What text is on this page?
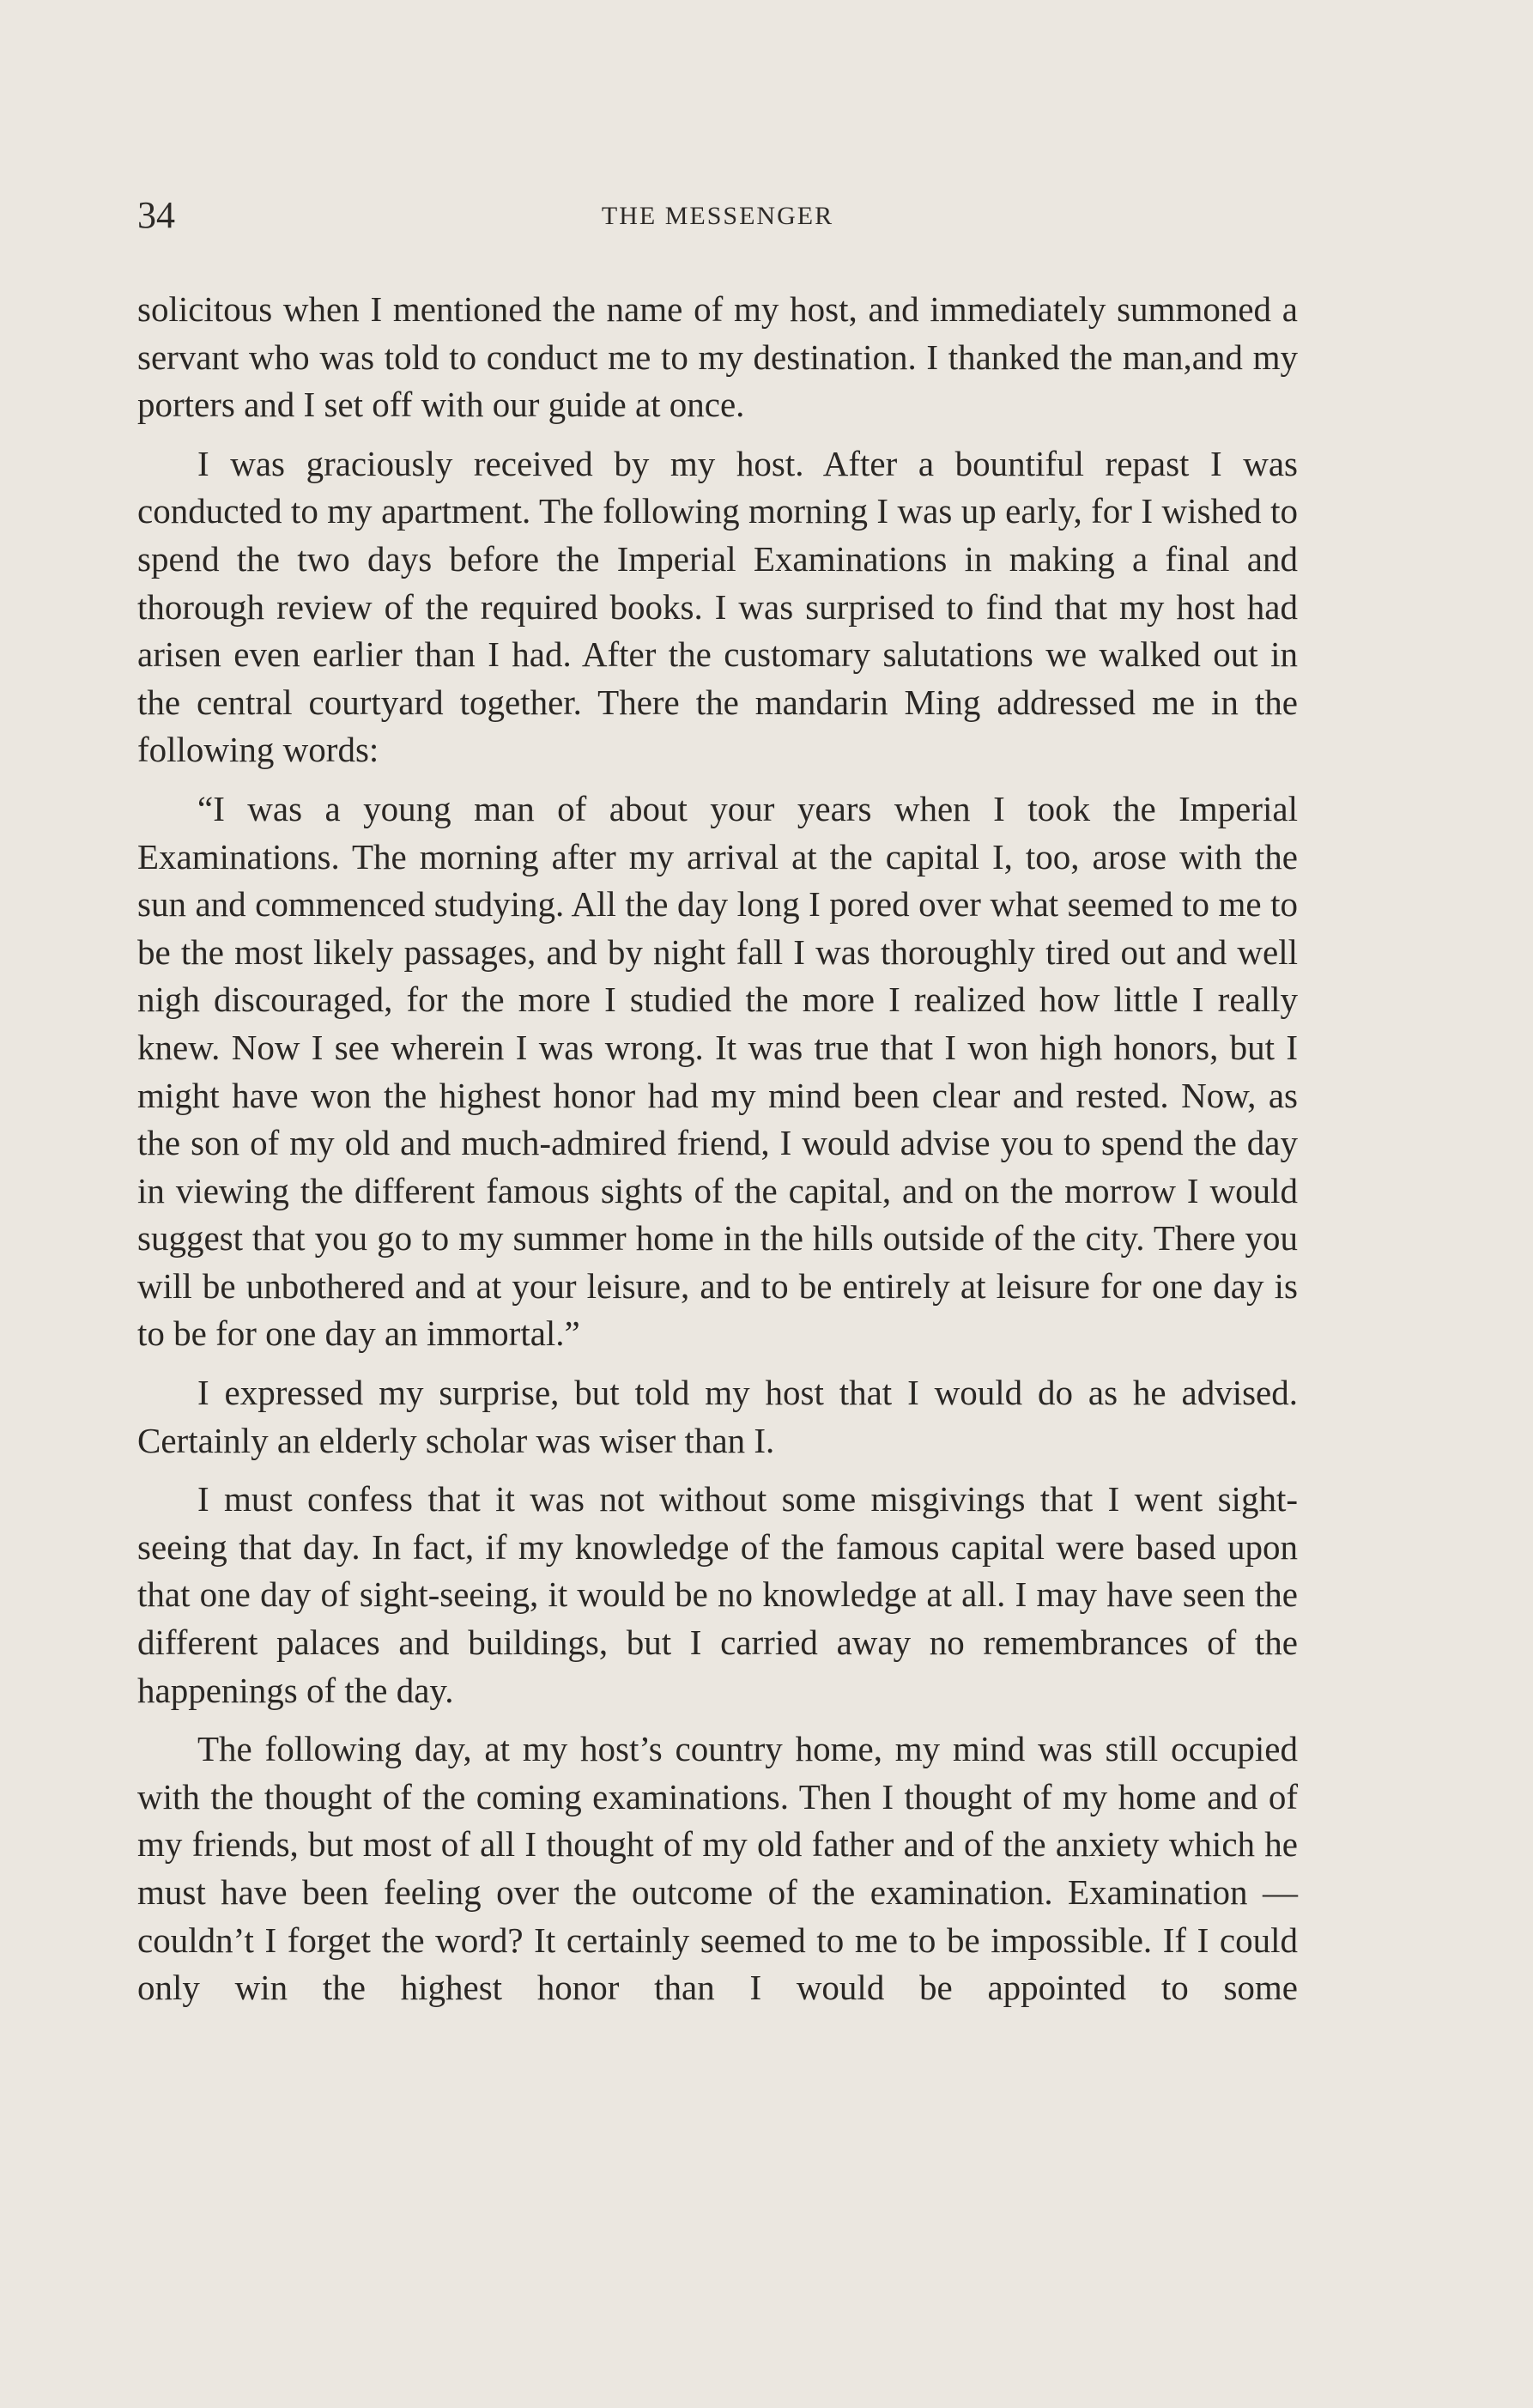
34	THE MESSENGER

solicitous when I mentioned the name of my host, and immediately summoned a servant who was told to conduct me to my destination. I thanked the man,and my porters and I set off with our guide at once.

I was graciously received by my host. After a bountiful repast I was conducted to my apartment. The following morning I was up early, for I wished to spend the two days before the Imperial Examinations in making a final and thorough review of the required books. I was surprised to find that my host had arisen even earlier than I had. After the customary salutations we walked out in the central courtyard together. There the mandarin Ming addressed me in the following words:

“I was a young man of about your years when I took the Imperial Examinations. The morning after my arrival at the capital I, too, arose with the sun and commenced studying. All the day long I pored over what seemed to me to be the most likely passages, and by night fall I was thoroughly tired out and well nigh discouraged, for the more I studied the more I realized how little I really knew. Now I see wherein I was wrong. It was true that I won high honors, but I might have won the highest honor had my mind been clear and rested. Now, as the son of my old and much-admired friend, I would advise you to spend the day in viewing the different famous sights of the capital, and on the morrow I would suggest that you go to my summer home in the hills outside of the city. There you will be unbothered and at your leisure, and to be entirely at leisure for one day is to be for one day an immortal.”

I expressed my surprise, but told my host that I would do as he advised. Certainly an elderly scholar was wiser than I.

I must confess that it was not without some misgivings that I went sight-seeing that day. In fact, if my knowledge of the famous capital were based upon that one day of sight-seeing, it would be no knowledge at all. I may have seen the different palaces and buildings, but I carried away no remembrances of the happenings of the day.

The following day, at my host’s country home, my mind was still occupied with the thought of the coming examinations. Then I thought of my home and of my friends, but most of all I thought of my old father and of the anxiety which he must have been feeling over the outcome of the examination. Examination — couldn’t I forget the word? It certainly seemed to me to be impossible. If I could only win the highest honor than I would be appointed to some
